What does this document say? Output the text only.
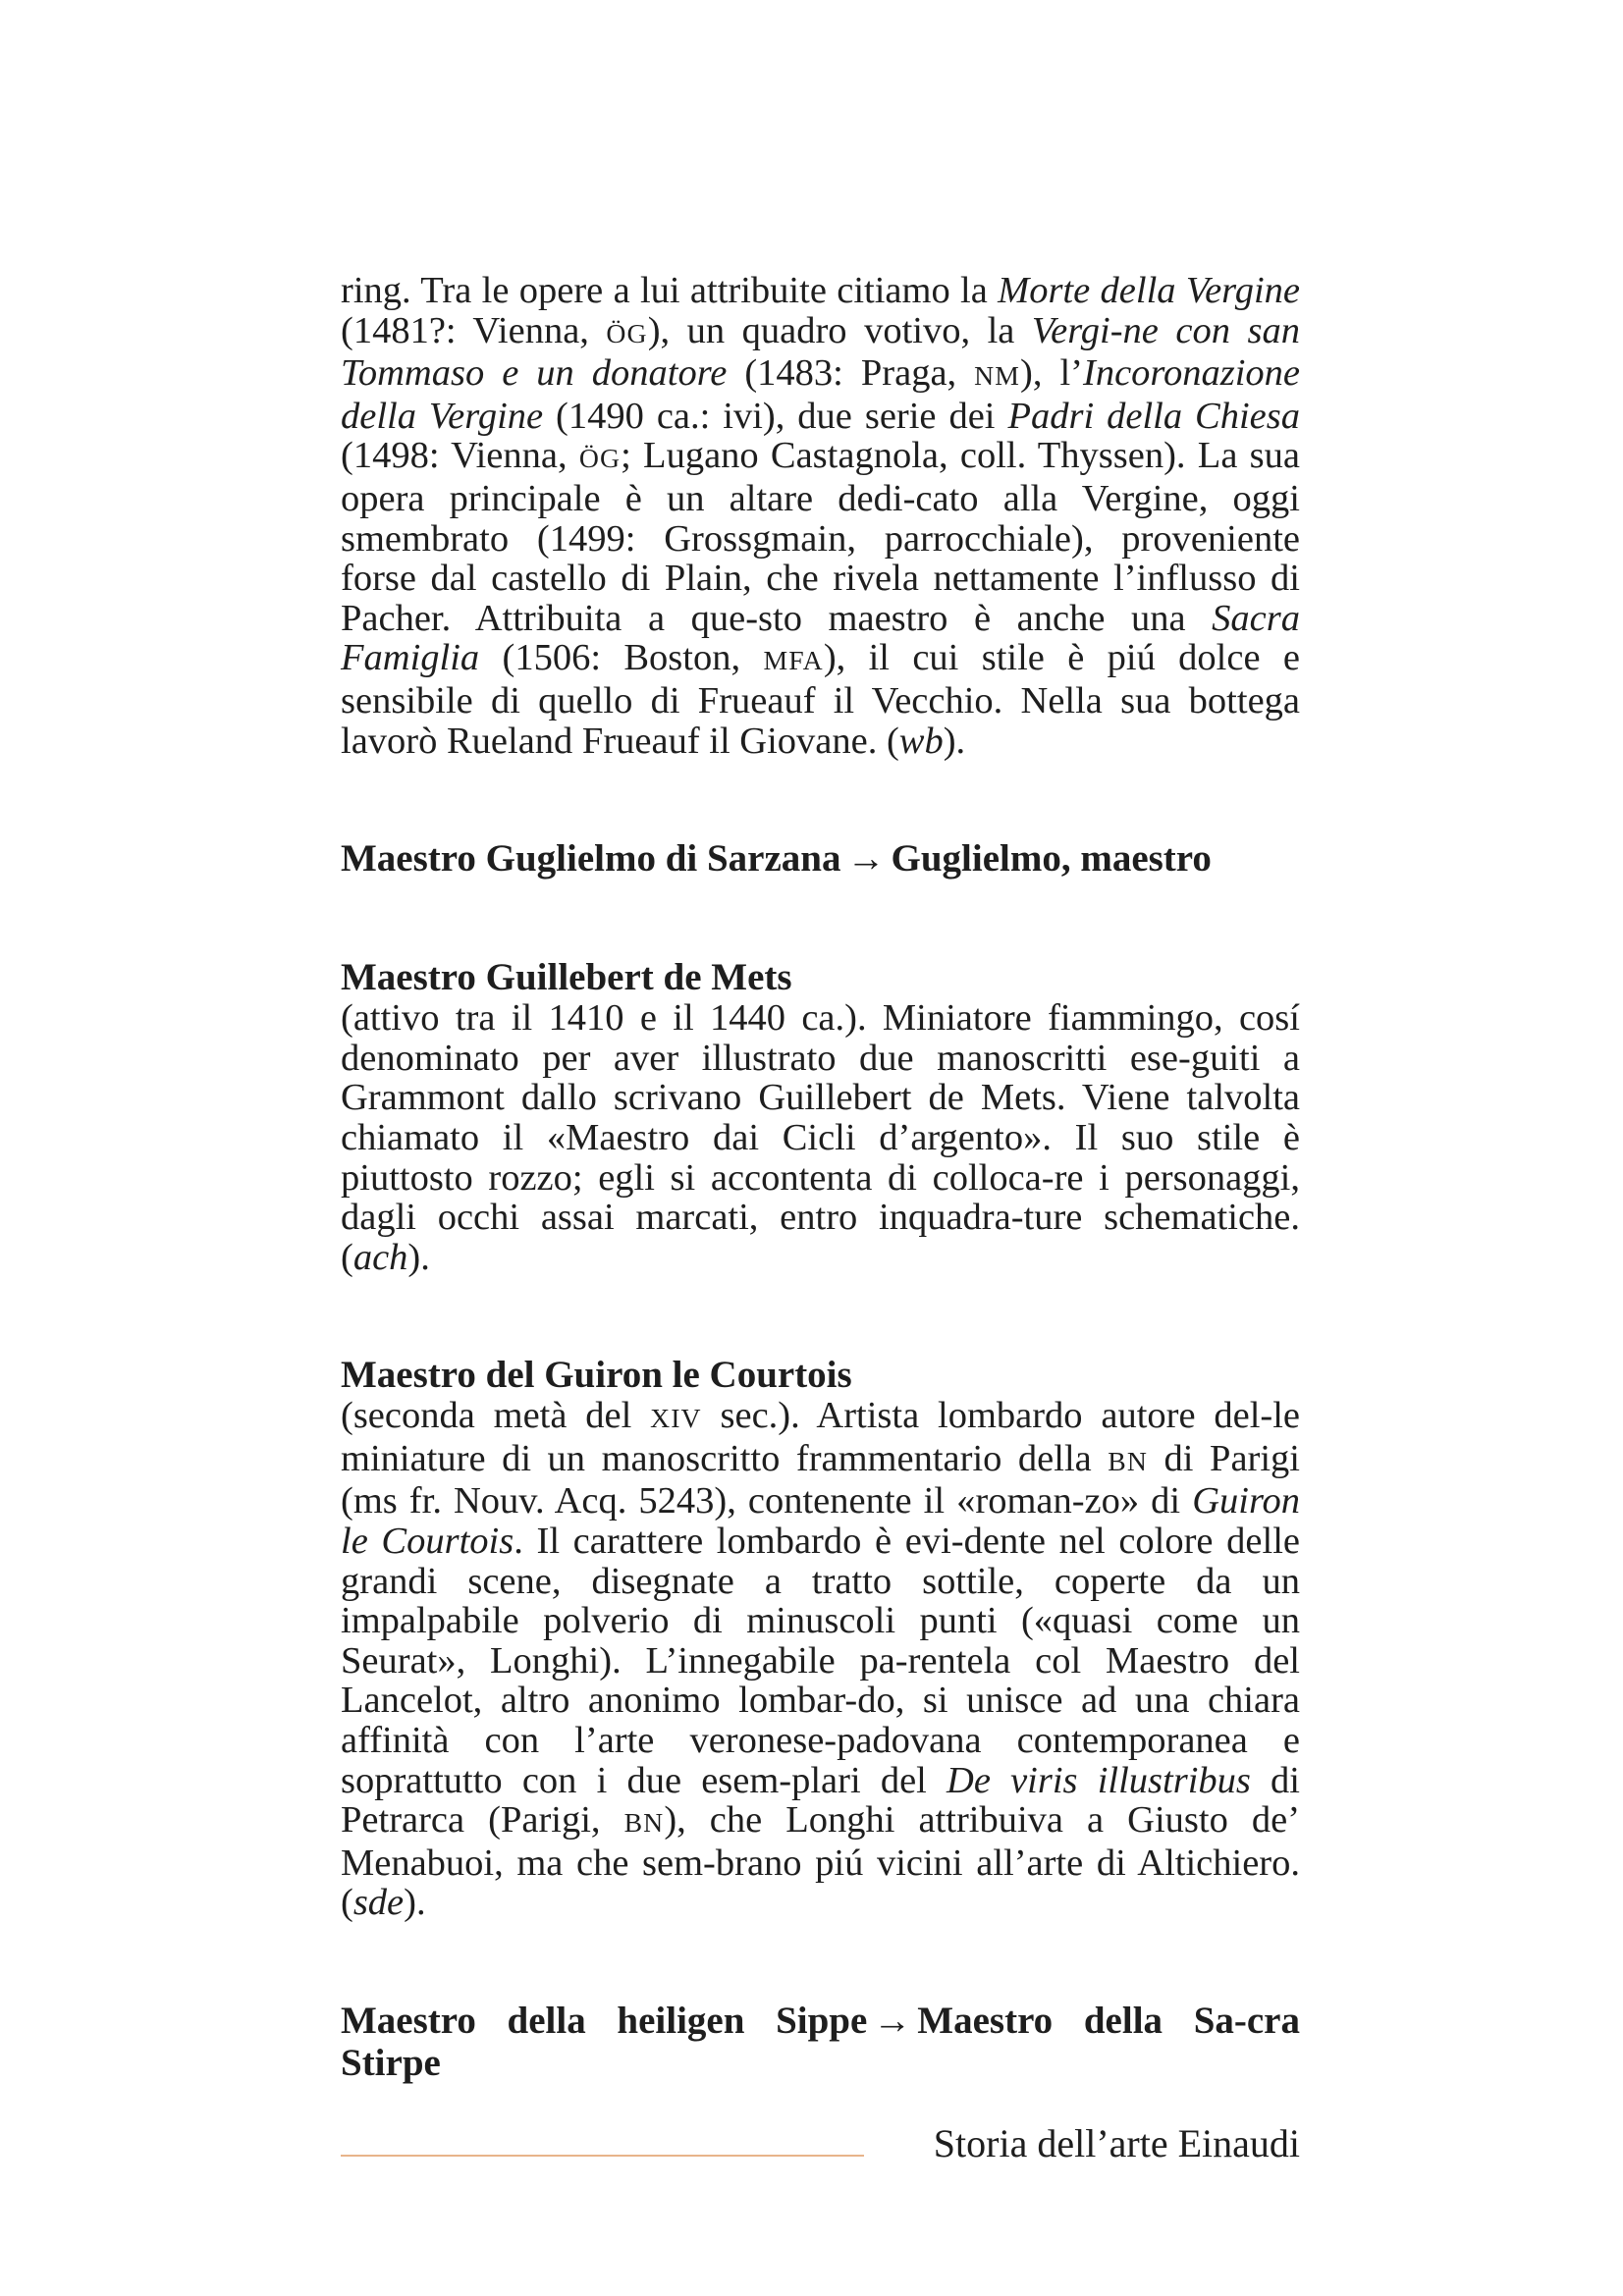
ring. Tra le opere a lui attribuite citiamo la Morte della Vergine (1481?: Vienna, ÖG), un quadro votivo, la Vergi-ne con san Tommaso e un donatore (1483: Praga, NM), l’Incoronazione della Vergine (1490 ca.: ivi), due serie dei Padri della Chiesa (1498: Vienna, ÖG; Lugano Castagnola, coll. Thyssen). La sua opera principale è un altare dedi-cato alla Vergine, oggi smembrato (1499: Grossgmain, parrocchiale), proveniente forse dal castello di Plain, che rivela nettamente l’influsso di Pacher. Attribuita a que-sto maestro è anche una Sacra Famiglia (1506: Boston, MFA), il cui stile è piú dolce e sensibile di quello di Frueauf il Vecchio. Nella sua bottega lavorò Rueland Frueauf il Giovane. (wb).

Maestro Guglielmo di Sarzana → Guglielmo, maestro

Maestro Guillebert de Mets

(attivo tra il 1410 e il 1440 ca.). Miniatore fiammingo, cosí denominato per aver illustrato due manoscritti ese-guiti a Grammont dallo scrivano Guillebert de Mets. Viene talvolta chiamato il «Maestro dai Cicli d’argento». Il suo stile è piuttosto rozzo; egli si accontenta di colloca-re i personaggi, dagli occhi assai marcati, entro inquadra-ture schematiche. (ach).

Maestro del Guiron le Courtois

(seconda metà del XIV sec.). Artista lombardo autore del-le miniature di un manoscritto frammentario della BN di Parigi (ms fr. Nouv. Acq. 5243), contenente il «roman-zo» di Guiron le Courtois. Il carattere lombardo è evi-dente nel colore delle grandi scene, disegnate a tratto sottile, coperte da un impalpabile polverio di minuscoli punti («quasi come un Seurat», Longhi). L’innegabile pa-rentela col Maestro del Lancelot, altro anonimo lombar-do, si unisce ad una chiara affinità con l’arte veronese-padovana contemporanea e soprattutto con i due esem-plari del De viris illustribus di Petrarca (Parigi, BN), che Longhi attribuiva a Giusto de’ Menabuoi, ma che sem-brano piú vicini all’arte di Altichiero. (sde).

Maestro della heiligen Sippe → Maestro della Sa-cra Stirpe

Storia dell’arte Einaudi
